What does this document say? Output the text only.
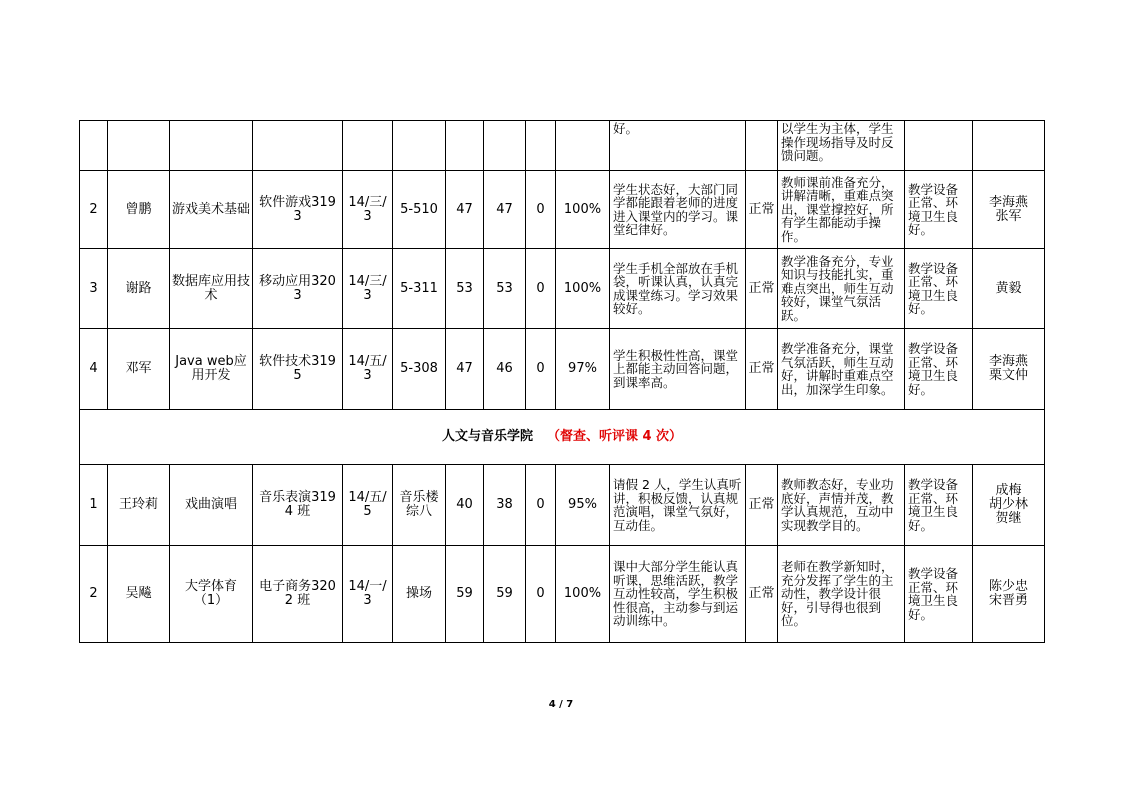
										好。		以学生为主体，学生操作现场指导及时反馈问题。		
2	曾鹏	游戏美术基础	软件游戏3193	14/三/3	5-510	47	47	0	100%	学生状态好，大部门同学都能跟着老师的进度进入课堂内的学习。课堂纪律好。	正常	教师课前准备充分，讲解清晰，重难点突出，课堂撑控好，所有学生都能动手操作。	教学设备正常、环境卫生良好。	李海燕
张军
3	谢路	数据库应用技术	移动应用3203	14/三/3	5-311	53	53	0	100%	学生手机全部放在手机袋，听课认真，认真完成课堂练习。学习效果较好。	正常	教学准备充分，专业知识与技能扎实，重难点突出，师生互动较好，课堂气氛活跃。	教学设备正常、环境卫生良好。	黄毅
4	邓军	Java web应用开发	软件技术3195	14/五/3	5-308	47	46	0	97%	学生积极性性高，课堂上都能主动回答问题，到课率高。	正常	教学准备充分，课堂气氛活跃，师生互动好，讲解时重难点空出，加深学生印象。	教学设备正常、环境卫生良好。	李海燕
栗文仲
人文与音乐学院 （督查、听评课 4 次）														
1	王玲莉	戏曲演唱	音乐表演3194 班	14/五/5	音乐楼综八	40	38	0	95%	请假 2 人，学生认真听讲，积极反馈，认真规范演唱，课堂气氛好，互动佳。	正常	教师教态好，专业功底好，声情并茂，教学认真规范，互动中实现教学目的。	教学设备正常、环境卫生良好。	成梅
胡少林
贺继
2	吴飚	大学体育（1）	电子商务3202 班	14/一/3	操场	59	59	0	100%	课中大部分学生能认真听课，思维活跃，教学互动性较高，学生积极性很高，主动参与到运动训练中。	正常	老师在教学新知时，充分发挥了学生的主动性，教学设计很好，引导得也很到位。	教学设备正常、环境卫生良好。	陈少忠
宋晋勇
4 / 7
